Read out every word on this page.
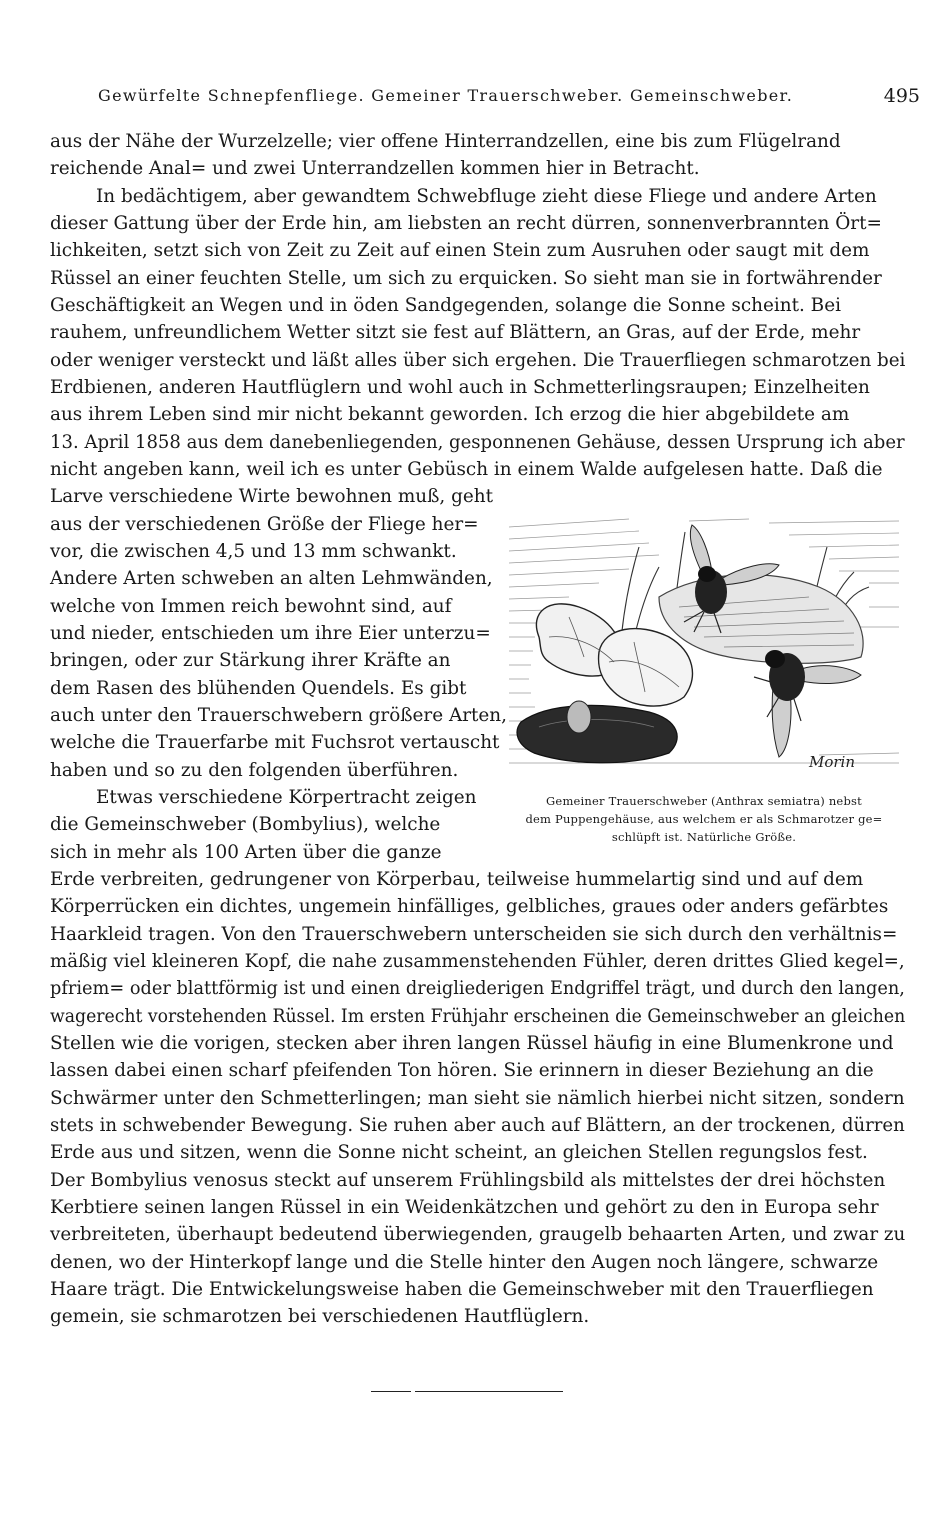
Gewürfelte Schnepfenfliege. Gemeiner Trauerschweber. Gemeinschweber.	495
aus der Nähe der Wurzelzelle; vier offene Hinterrandzellen, eine bis zum Flügelrand
reichende Anal= und zwei Unterrandzellen kommen hier in Betracht.
In bedächtigem, aber gewandtem Schwebfluge zieht diese Fliege und andere Arten
dieser Gattung über der Erde hin, am liebsten an recht dürren, sonnenverbrannten Ört=
lichkeiten, setzt sich von Zeit zu Zeit auf einen Stein zum Ausruhen oder saugt mit dem
Rüssel an einer feuchten Stelle, um sich zu erquicken. So sieht man sie in fortwährender
Geschäftigkeit an Wegen und in öden Sandgegenden, solange die Sonne scheint. Bei
rauhem, unfreundlichem Wetter sitzt sie fest auf Blättern, an Gras, auf der Erde, mehr
oder weniger versteckt und läßt alles über sich ergehen. Die Trauerfliegen schmarotzen bei
Erdbienen, anderen Hautflüglern und wohl auch in Schmetterlingsraupen; Einzelheiten
aus ihrem Leben sind mir nicht bekannt geworden. Ich erzog die hier abgebildete am
13. April 1858 aus dem danebenliegenden, gesponnenen Gehäuse, dessen Ursprung ich aber
nicht angeben kann, weil ich es unter Gebüsch in einem Walde aufgelesen hatte. Daß die
Larve verschiedene Wirte bewohnen muß, geht
aus der verschiedenen Größe der Fliege her=
vor, die zwischen 4,5 und 13 mm schwankt.
Andere Arten schweben an alten Lehmwänden,
welche von Immen reich bewohnt sind, auf
und nieder, entschieden um ihre Eier unterzu=
bringen, oder zur Stärkung ihrer Kräfte an
dem Rasen des blühenden Quendels. Es gibt
auch unter den Trauerschwebern größere Arten,
welche die Trauerfarbe mit Fuchsrot vertauscht
haben und so zu den folgenden überführen.
Etwas verschiedene Körpertracht zeigen
die Gemeinschweber (Bombylius), welche
sich in mehr als 100 Arten über die ganze
Erde verbreiten, gedrungener von Körperbau, teilweise hummelartig sind und auf dem
Körperrücken ein dichtes, ungemein hinfälliges, gelbliches, graues oder anders gefärbtes
Haarkleid tragen. Von den Trauerschwebern unterscheiden sie sich durch den verhältnis=
mäßig viel kleineren Kopf, die nahe zusammenstehenden Fühler, deren drittes Glied kegel=,
pfriem= oder blattförmig ist und einen dreigliederigen Endgriffel trägt, und durch den langen,
wagerecht vorstehenden Rüssel. Im ersten Frühjahr erscheinen die Gemeinschweber an gleichen
Stellen wie die vorigen, stecken aber ihren langen Rüssel häufig in eine Blumenkrone und
lassen dabei einen scharf pfeifenden Ton hören. Sie erinnern in dieser Beziehung an die
Schwärmer unter den Schmetterlingen; man sieht sie nämlich hierbei nicht sitzen, sondern
stets in schwebender Bewegung. Sie ruhen aber auch auf Blättern, an der trockenen, dürren
Erde aus und sitzen, wenn die Sonne nicht scheint, an gleichen Stellen regungslos fest.
Der Bombylius venosus steckt auf unserem Frühlingsbild als mittelstes der drei höchsten
Kerbtiere seinen langen Rüssel in ein Weidenkätzchen und gehört zu den in Europa sehr
verbreiteten, überhaupt bedeutend überwiegenden, graugelb behaarten Arten, und zwar zu
denen, wo der Hinterkopf lange und die Stelle hinter den Augen noch längere, schwarze
Haare trägt. Die Entwickelungsweise haben die Gemeinschweber mit den Trauerfliegen
gemein, sie schmarotzen bei verschiedenen Hautflüglern.
Morin
Gemeiner Trauerschweber (Anthrax semiatra) nebst
dem Puppengehäuse, aus welchem er als Schmarotzer ge=
schlüpft ist. Natürliche Größe.
